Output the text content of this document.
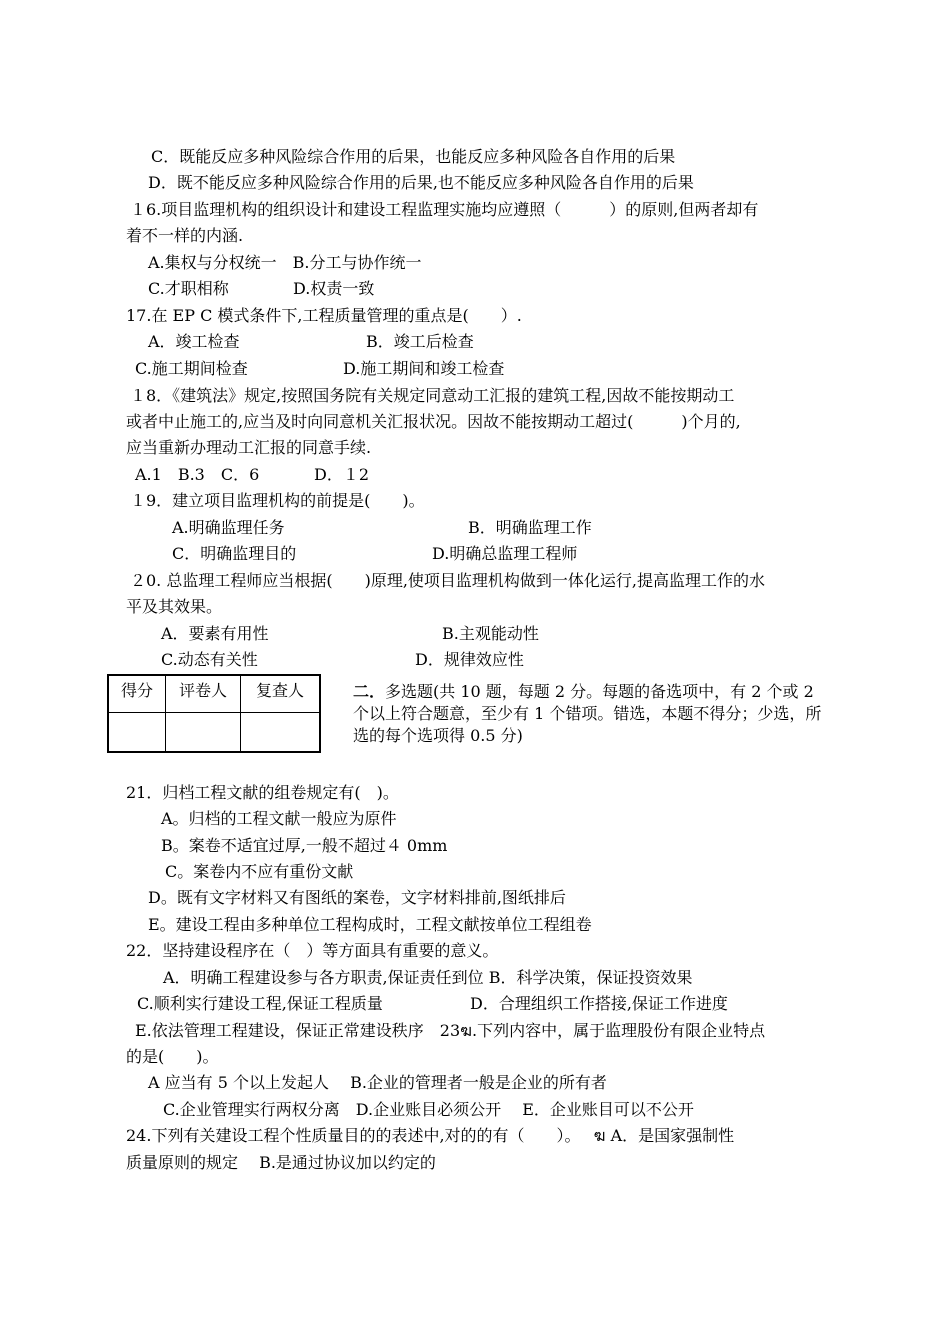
C．既能反应多种风险综合作用的后果，也能反应多种风险各自作用的后果
D．既不能反应多种风险综合作用的后果,也不能反应多种风险各自作用的后果
１6.项目监理机构的组织设计和建设工程监理实施均应遵照（　　　）的原则,但两者却有
着不一样的内涵.
A.集权与分权统一　B.分工与协作统一
C.才职相称	D.权责一致
17.在 EP C 模式条件下,工程质量管理的重点是(　　）.
A．竣工检查	B．竣工后检查
C.施工期间检查	D.施工期间和竣工检查
１8．《建筑法》规定,按照国务院有关规定同意动工汇报的建筑工程,因故不能按期动工
或者中止施工的,应当及时向同意机关汇报状况。因故不能按期动工超过(　　　)个月的,
应当重新办理动工汇报的同意手续.
A.1　B.3　C．6	D．１2
１9．建立项目监理机构的前提是(　　)。
A.明确监理任务	B．明确监理工作
C．明确监理目的	D.明确总监理工程师
２0. 总监理工程师应当根据(　　)原理,使项目监理机构做到一体化运行,提高监理工作的水
平及其效果。
A．要素有用性	B.主观能动性
C.动态有关性	D．规律效应性
得分	评卷人	复查人
			二．多选题(共 10 题，每题 2 分。每题的备选项中，有 2 个或 2 个以上符合题意，至少有 1 个错项。错选，本题不得分；少选，所选的每个选项得 0.5 分)
21．归档工程文献的组卷规定有(　)。
A。归档的工程文献一般应为原件
B。案卷不适宜过厚,一般不超过４ 0mm
C。案卷内不应有重份文献
D。既有文字材料又有图纸的案卷，文字材料排前,图纸排后
E。建设工程由多种单位工程构成时，工程文献按单位工程组卷
22．坚持建设程序在（　）等方面具有重要的意义。
A．明确工程建设参与各方职责,保证责任到位 B．科学决策，保证投资效果
C.顺利实行建设工程,保证工程质量	D．合理组织工作搭接,保证工作进度
E.依法管理工程建设，保证正常建设秩序　23ฆ.下列内容中，属于监理股份有限企业特点
的是(　　)。
A 应当有 5 个以上发起人　 B.企业的管理者一般是企业的所有者
C.企业管理实行两权分离　D.企业账目必须公开　 E．企业账目可以不公开
24.下列有关建设工程个性质量目的的表述中,对的的有（　　）。　 ฆ A．是国家强制性
质量原则的规定　 B.是通过协议加以约定的
